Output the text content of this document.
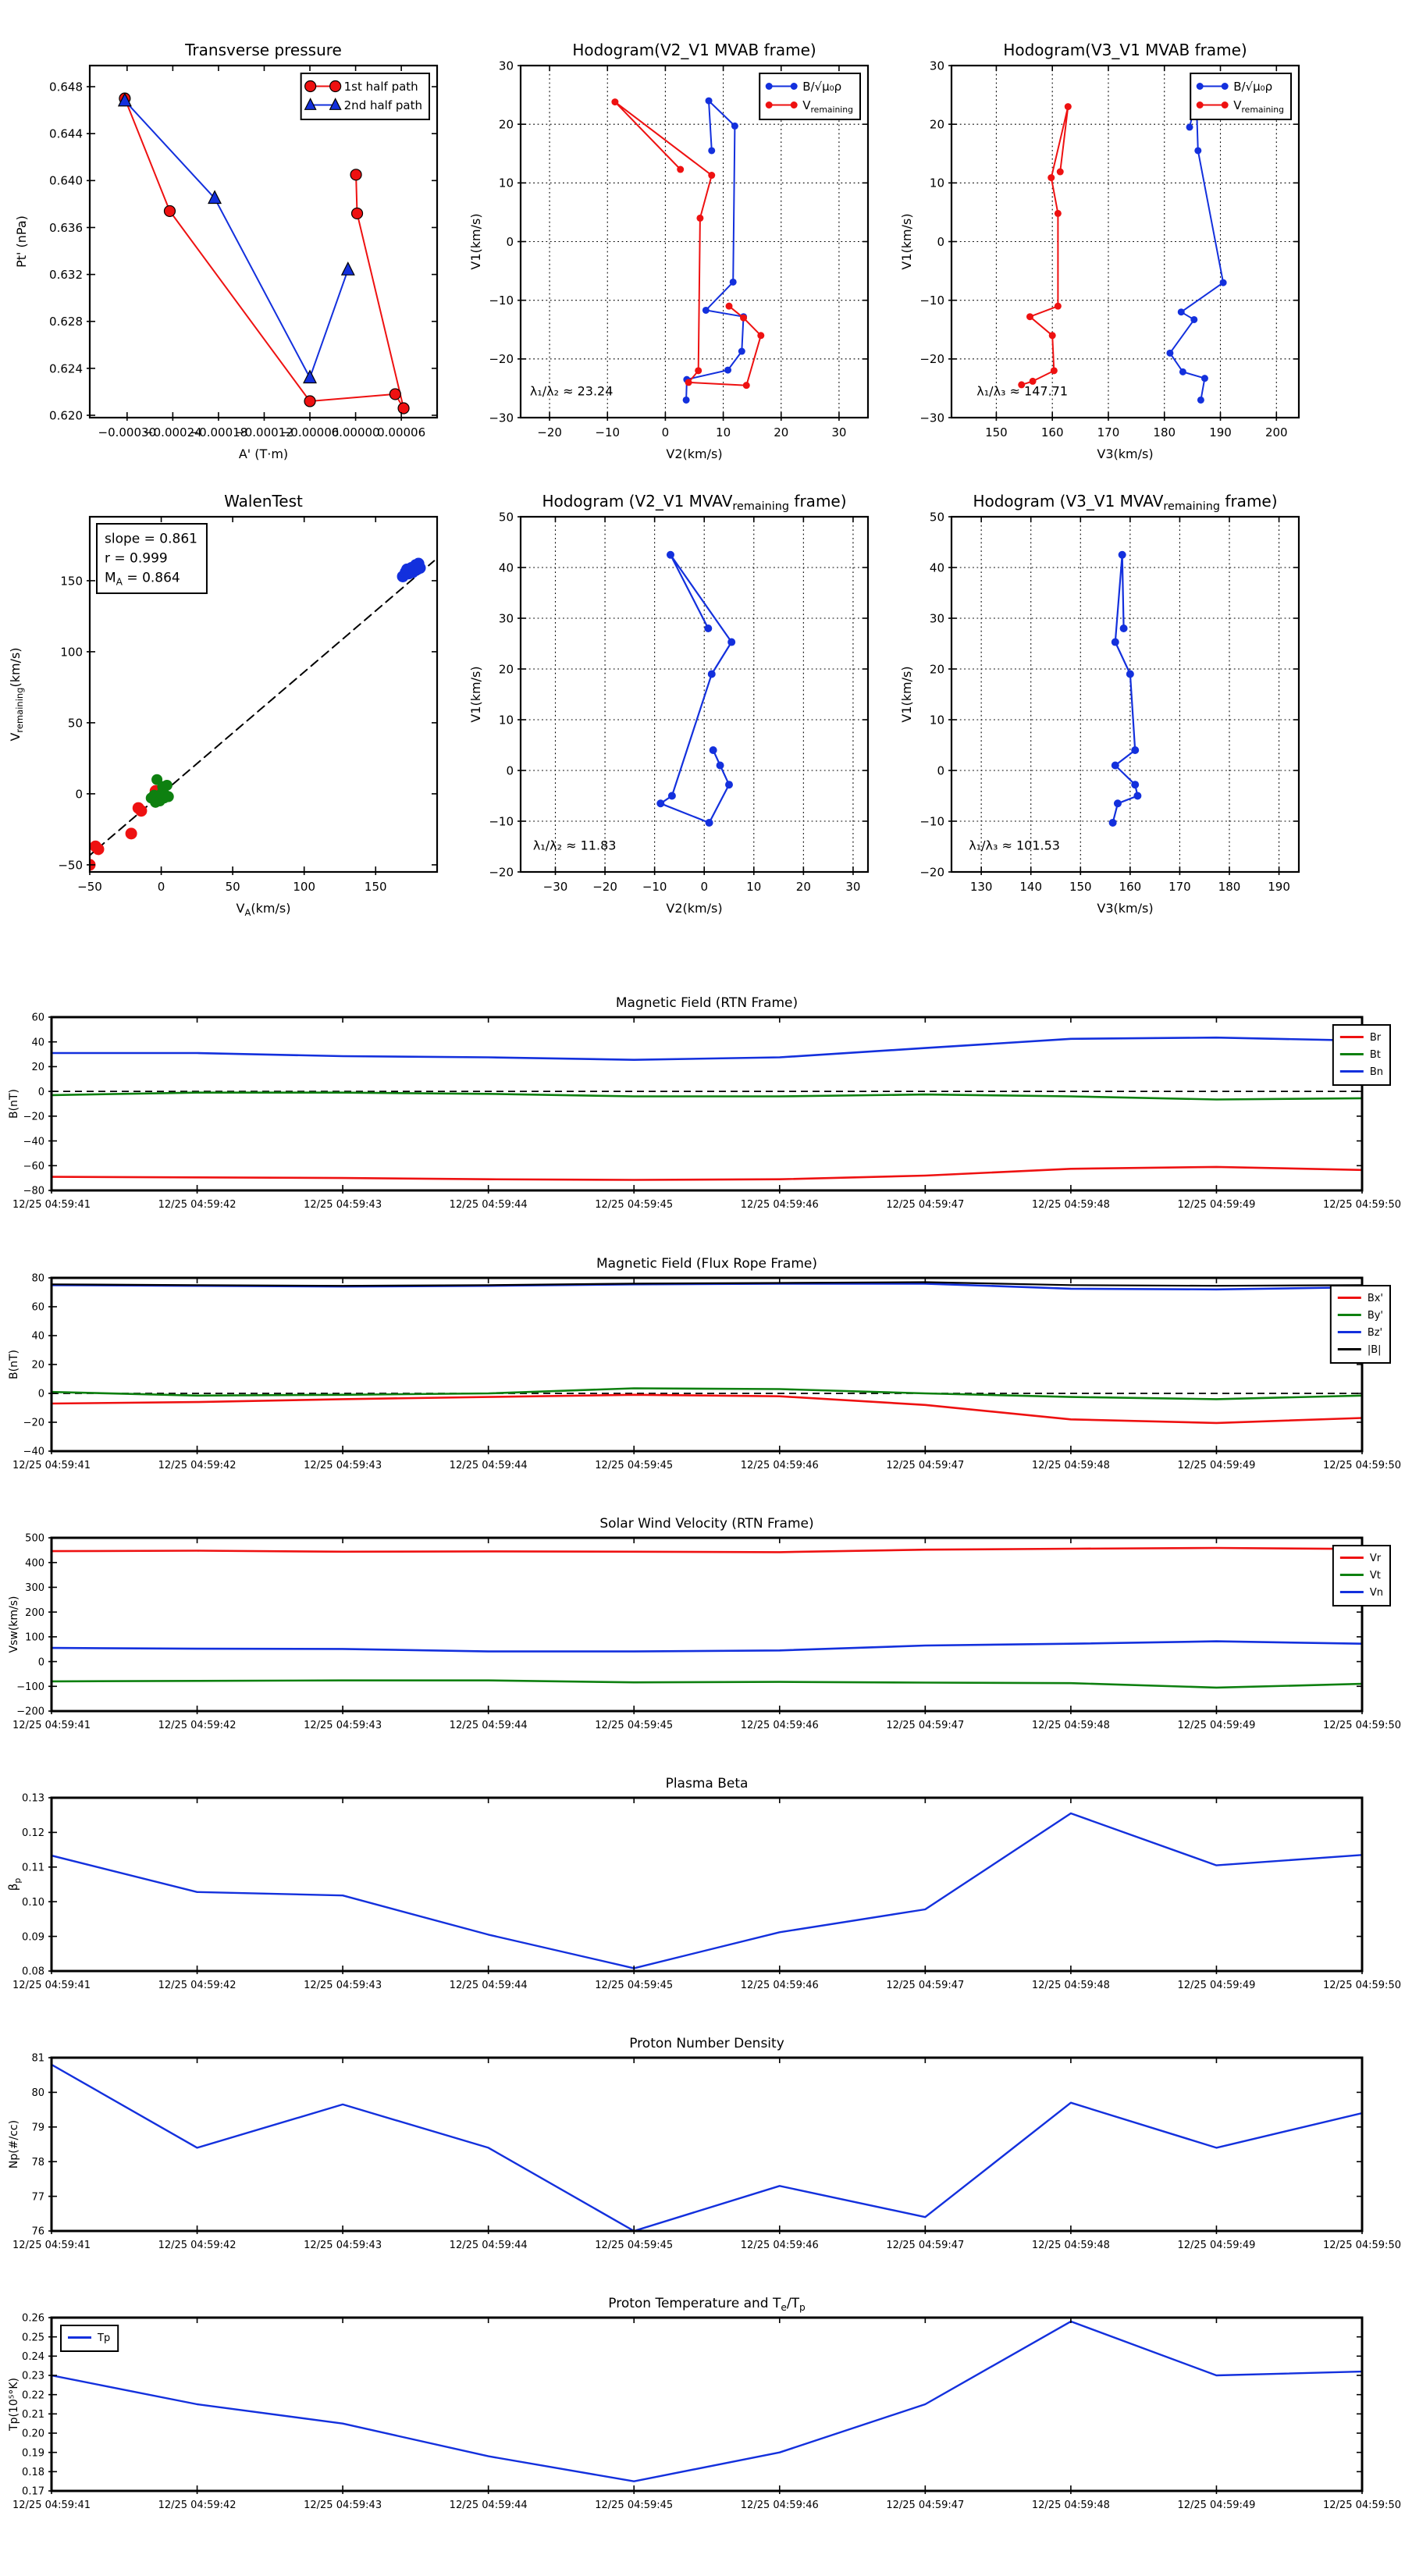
−0.00030
−0.00024
−0.00018
−0.00012
−0.00006
0.00000
0.00006
0.620
0.624
0.628
0.632
0.636
0.640
0.644
0.648
Transverse pressure
A' (T·m)
Pt' (nPa)
1st half path
2nd half path
−20	−10	0	10	20	30
−30
−20
−10
0
10
20
30
Hodogram(V2_V1 MVAB frame)
V2(km/s)
V1(km/s)
B/√μ₀ρ
$V_{remaining}$
λ₁/λ₂ ≈ 23.24
150	160	170	180	190	200
−30
−20
−10
0
10
20
30
Hodogram(V3_V1 MVAB frame)
V3(km/s)
V1(km/s)
B/√μ₀ρ
$V_{remaining}$
λ₁/λ₃ ≈ 147.71
−50	0	50	100	150
−50
0
50
100
150
WalenTest
$V_A(km/s)$
$V_{remaining}(km/s)$
slope = 0.861
r = 0.999
$M_A = 0.864$
−30 −20 −10	0	10	20	30
−20
−10
0
10
20
30
40
50
Hodogram (V2_V1 $MVAV_{remaining}$ frame)
V2(km/s)
V1(km/s)
λ₁/λ₂ ≈ 11.83
130 140 150 160 170 180 190
−20
−10
0
10
20
30
40
50
Hodogram (V3_V1 $MVAV_{remaining}$ frame)
V3(km/s)
V1(km/s)
λ₁/λ₃ ≈ 101.53
12/25 04:59:41	12/25 04:59:42	12/25 04:59:43	12/25 04:59:44	12/25 04:59:45	12/25 04:59:46	12/25 04:59:47	12/25 04:59:48	12/25 04:59:49	12/25 04:59:50
60
40
20
0
−20
−40
−60
−80
Magnetic Field (RTN Frame)
B(nT)
Br
Bt
Bn
12/25 04:59:41	12/25 04:59:42	12/25 04:59:43	12/25 04:59:44	12/25 04:59:45	12/25 04:59:46	12/25 04:59:47	12/25 04:59:48	12/25 04:59:49	12/25 04:59:50
80
60
40
20
0
−20
−40
Magnetic Field (Flux Rope Frame)
B(nT)
Bx'
By'
Bz'
|B|
12/25 04:59:41	12/25 04:59:42	12/25 04:59:43	12/25 04:59:44	12/25 04:59:45	12/25 04:59:46	12/25 04:59:47	12/25 04:59:48	12/25 04:59:49	12/25 04:59:50
500
400
300
200
100
0
−100
−200
Solar Wind Velocity (RTN Frame)
Vsw(km/s)
Vr
Vt
Vn
12/25 04:59:41	12/25 04:59:42	12/25 04:59:43	12/25 04:59:44	12/25 04:59:45	12/25 04:59:46	12/25 04:59:47	12/25 04:59:48	12/25 04:59:49	12/25 04:59:50
0.13
0.12
0.11
0.10
0.09
0.08
Plasma Beta
$\beta_p$
12/25 04:59:41	12/25 04:59:42	12/25 04:59:43	12/25 04:59:44	12/25 04:59:45	12/25 04:59:46	12/25 04:59:47	12/25 04:59:48	12/25 04:59:49	12/25 04:59:50
81
80
79
78
77
76
Proton Number Density
Np(#/cc)
12/25 04:59:41	12/25 04:59:42	12/25 04:59:43	12/25 04:59:44	12/25 04:59:45	12/25 04:59:46	12/25 04:59:47	12/25 04:59:48	12/25 04:59:49	12/25 04:59:50
0.26
0.25
0.24
0.23
0.22
0.21
0.20
0.19
0.18
0.17
Proton Temperature and $T_e/T_p$
Tp(10⁵°K)
Tp
